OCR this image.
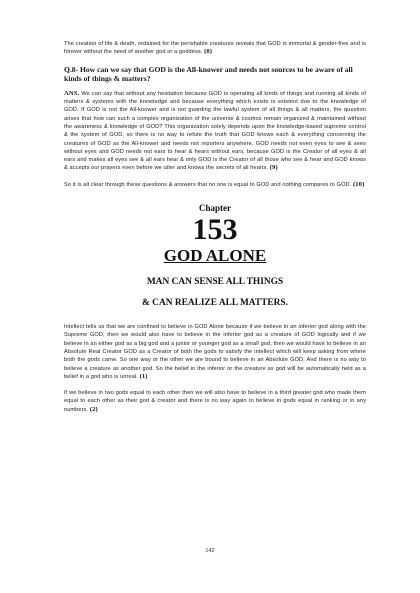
The creation of life & death, ordained for the perishable creatures reveals that GOD is immortal & gender-free and is forever without the need of another god or a goddess. (8)

Q.8- How can we say that GOD is the All-knower and needs not sources to be aware of all kinds of things & matters?

ANS. We can say that without any hesitation because GOD is operating all kinds of things and running all kinds of matters & systems with the knowledge and because everything which exists is existent due to the knowledge of GOD. If GOD is not the All-knower and is not guarding the lawful system of all things & all matters, the question arises that how can such a complex organization of the universe & cosmos remain organized & maintained without the awareness & knowledge of GOD? This organization solely depends upon the knowledge-based supreme control & the system of GOD, so there is no way to refute the truth that GOD knows each & everything concerning the creatures of GOD as the All-knower and needs not reporters anywhere. GOD needs not even eyes to see & sees without eyes and GOD needs not ears to hear & hears without ears, because GOD is the Creator of all eyes & all ears and makes all eyes see & all ears hear & only GOD is the Creator of all those who see & hear and GOD knows & accepts our prayers even before we utter and knows the secrets of all hearts. (9)

So it is all clear through these questions & answers that no one is equal to GOD and nothing compares to GOD. (10)

Chapter
153
GOD ALONE
MAN CAN SENSE ALL THINGS
& CAN REALIZE ALL MATTERS.

Intellect tells us that we are confined to believe in GOD Alone because if we believe in an inferior god along with the Supreme GOD, then we would also have to believe in the inferior god as a creature of GOD logically and if we believe in an either god as a big god and a junior or younger god as a small god, then we would have to believe in an Absolute Real Creator GOD as a Creator of both the gods to satisfy the intellect which will keep asking from where both the gods came. So one way or the other we are bound to believe in an Absolute GOD. And there is no way to believe a creature as another god. So the belief in the inferior or the creature as god will be automatically held as a belief in a god who is unreal. (1)

If we believe in two gods equal to each other then we will also have to believe in a third greater god who made them equal to each other as their god & creator and there is no way again to believe in gods equal in ranking or in any numbers. (2)

142
